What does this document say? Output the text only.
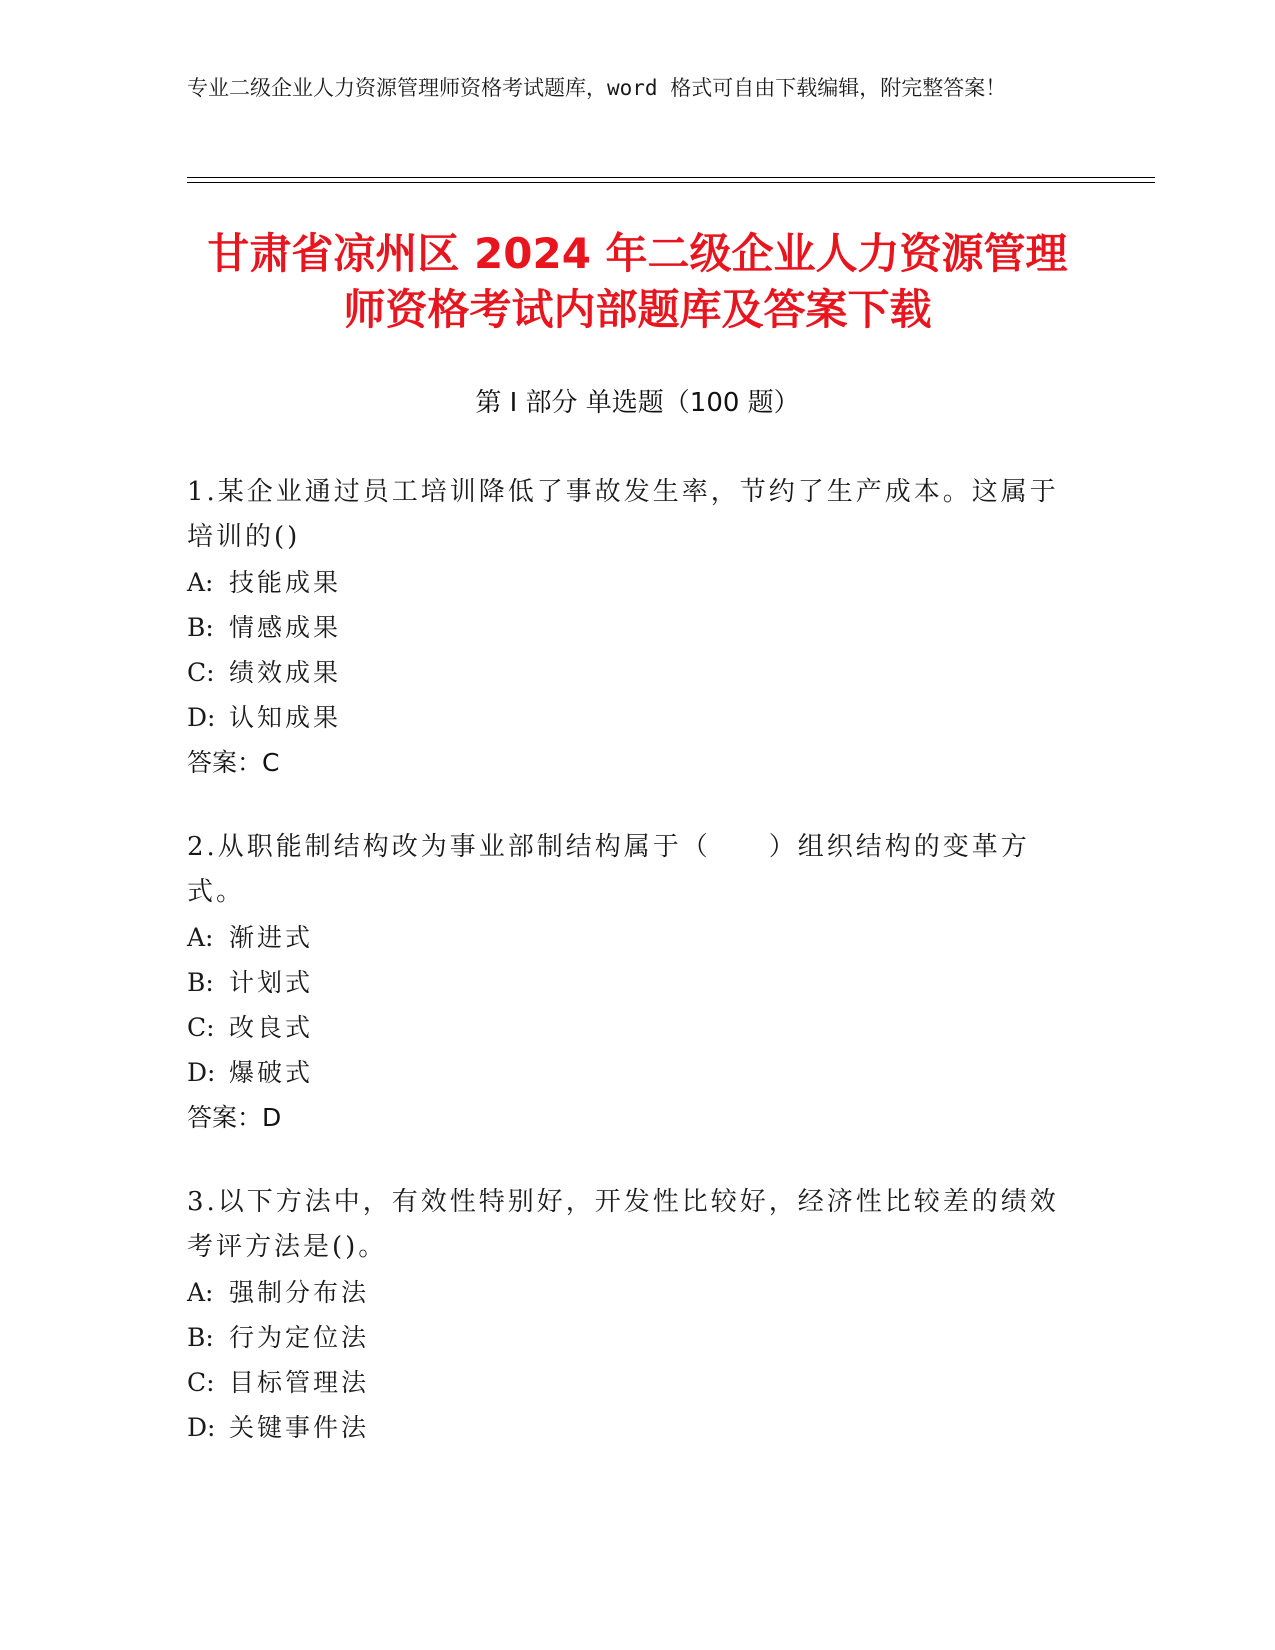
专业二级企业人力资源管理师资格考试题库，word 格式可自由下载编辑，附完整答案！
甘肃省凉州区 2024 年二级企业人力资源管理
师资格考试内部题库及答案下载
第 I 部分 单选题（100 题）
1.某企业通过员工培训降低了事故发生率，节约了生产成本。这属于培训的()
A: 技能成果
B: 情感成果
C: 绩效成果
D: 认知成果
答案：C
2.从职能制结构改为事业部制结构属于（　　）组织结构的变革方式。
A: 渐进式
B: 计划式
C: 改良式
D: 爆破式
答案：D
3.以下方法中，有效性特别好，开发性比较好，经济性比较差的绩效考评方法是()。
A: 强制分布法
B: 行为定位法
C: 目标管理法
D: 关键事件法
